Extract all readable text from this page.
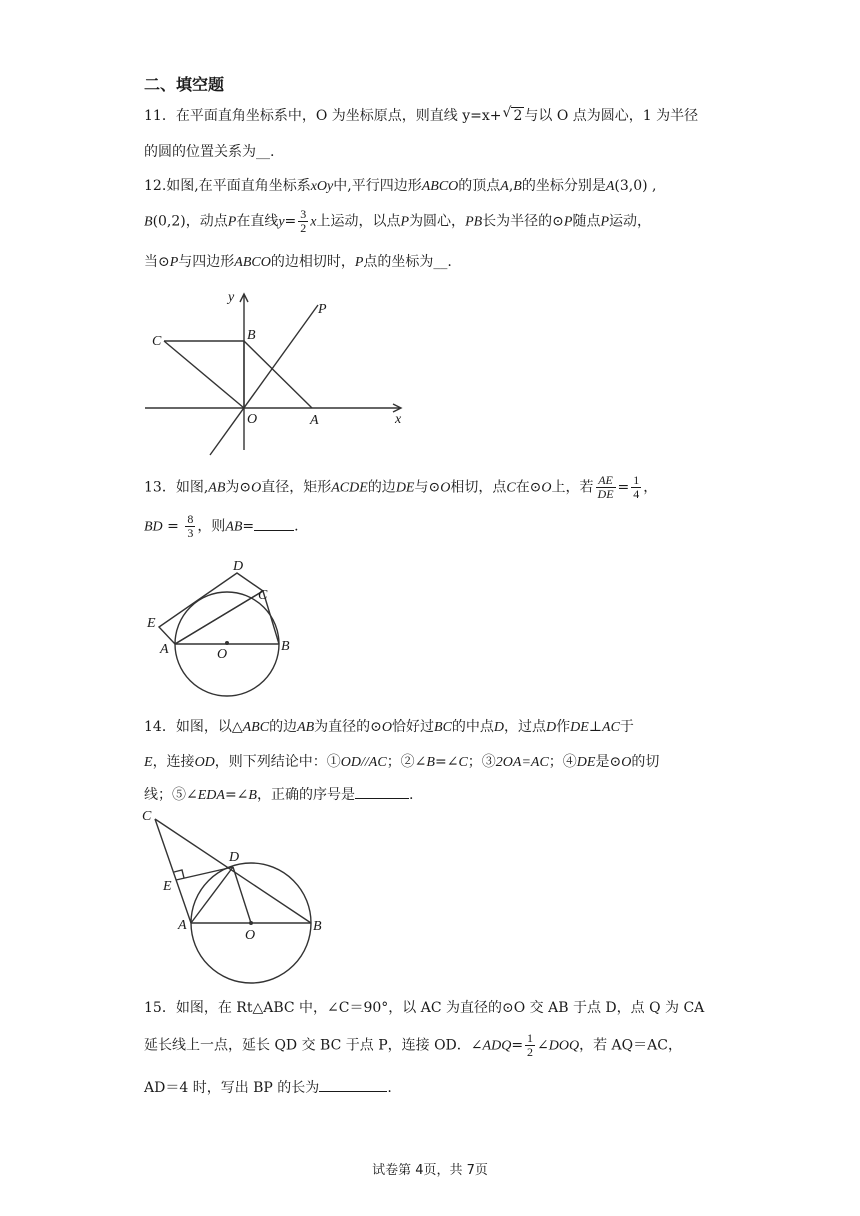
二、填空题
11．在平面直角坐标系中，O 为坐标原点，则直线 y=x+ √ 2 与以 O 点为圆心，1 为半径
的圆的位置关系为__.
12.如图,在平面直角坐标系xOy中,平行四边形ABCO的顶点A,B的坐标分别是A(3,0) ,
B(0,2)，动点P在直线$y= \frac{3}{2}$ x上运动，以点P为圆心，PB长为半径的⊙P随点P运动，
当⊙P与四边形ABCO的边相切时，P点的坐标为__.
y
P
C	B
O	A	x
13．如图,AB为⊙O直径，矩形ACDE的边DE与⊙O相切，点C在⊙O上，若 $\frac{AE}{DE} = \frac{1}{4}$ ，
BD = $\frac{8}{3}$ ，则AB=	.
D
C
E
A	O
B
14．如图，以△ABC的边AB为直径的⊙O恰好过BC的中点D，过点D作DE⊥AC于
E，连接OD，则下列结论中：①OD//AC；②∠B=∠C；③2OA=AC；④DE是⊙O的切
线；⑤∠EDA=∠B，正确的序号是	.
C
D
E
A
O
B
15．如图，在 Rt△ABC 中，∠C＝90°，以 AC 为直径的⊙O 交 AB 于点 D，点 Q 为 CA
延长线上一点，延长 QD 交 BC 于点 P，连接 OD．∠ADQ= $\frac{1}{2}$ ∠DOQ，若 AQ＝AC，
AD＝4 时，写出 BP 的长为	.
试卷第 4页，共 7页
